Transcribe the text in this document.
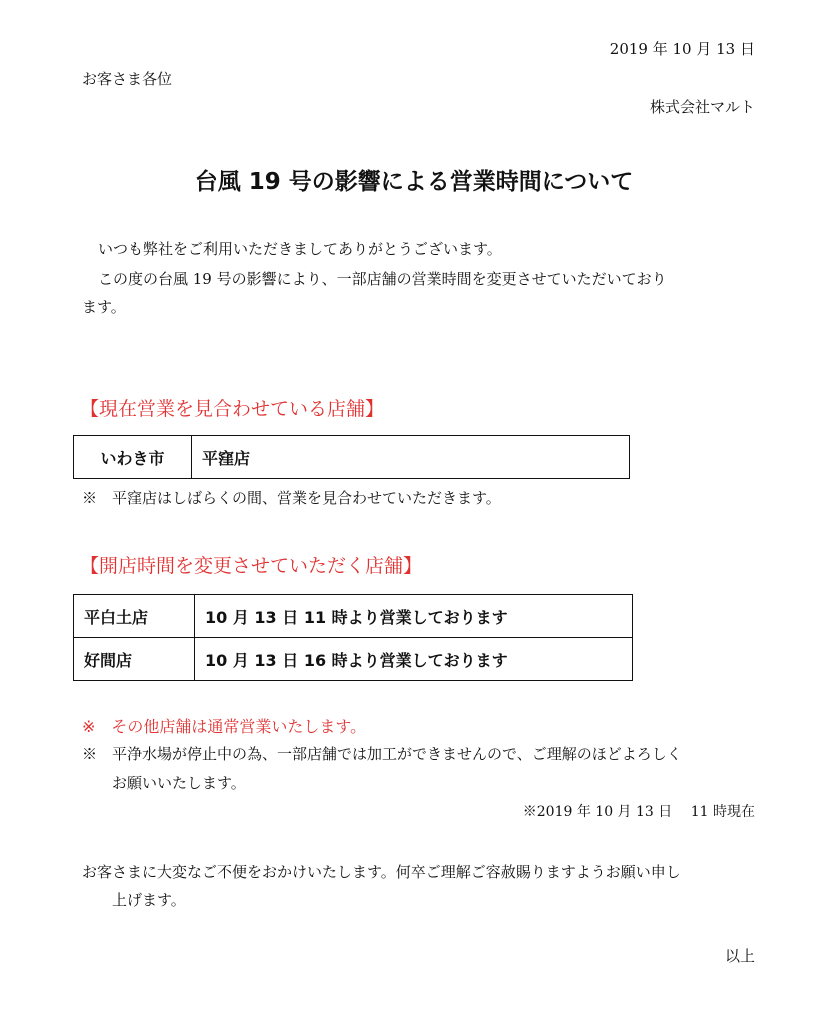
2019 年 10 月 13 日
お客さま各位
株式会社マルト
台風 19 号の影響による営業時間について
いつも弊社をご利用いただきましてありがとうございます。
この度の台風 19 号の影響により、一部店舗の営業時間を変更させていただいており
ます。
【現在営業を見合わせている店舗】
いわき市	平窪店
※　平窪店はしばらくの間、営業を見合わせていただきます。
【開店時間を変更させていただく店舗】
平白土店	10 月 13 日 11 時より営業しております
好間店	10 月 13 日 16 時より営業しております
※　その他店舗は通常営業いたします。
※　平浄水場が停止中の為、一部店舗では加工ができませんので、ご理解のほどよろしく
お願いいたします。
※2019 年 10 月 13 日　 11 時現在
お客さまに大変なご不便をおかけいたします。何卒ご理解ご容赦賜りますようお願い申し
上げます。
以上
